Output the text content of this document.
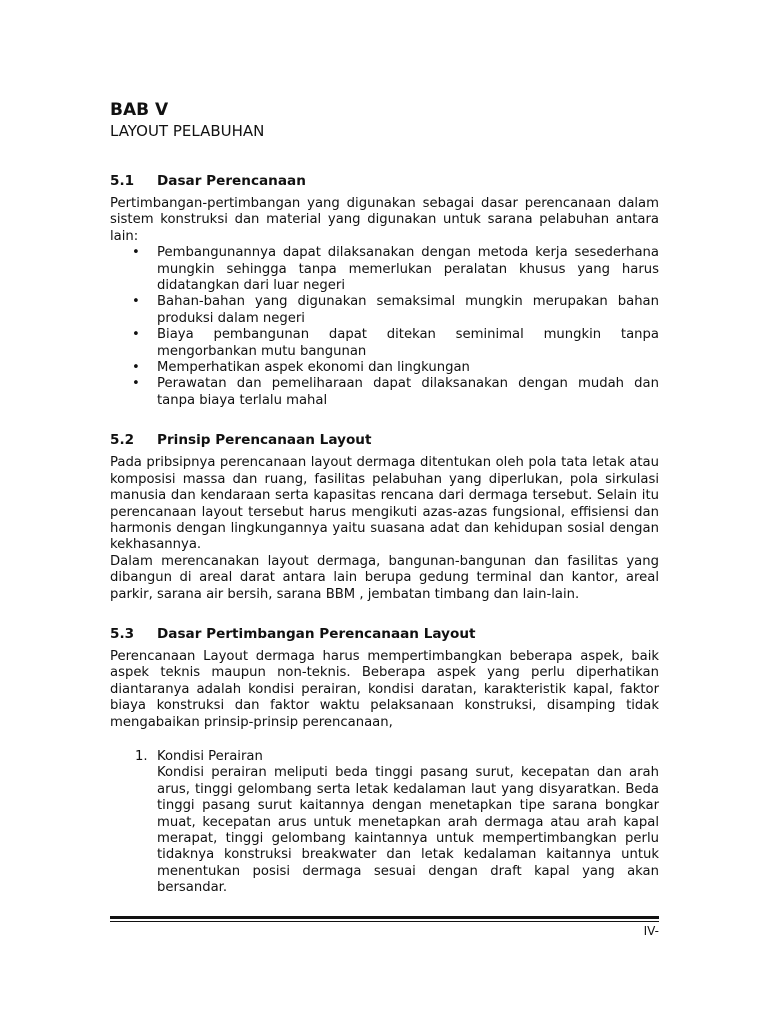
BAB V
LAYOUT PELABUHAN
5.1 Dasar Perencanaan

Pertimbangan-pertimbangan yang digunakan sebagai dasar perencanaan dalam sistem konstruksi dan material yang digunakan untuk sarana pelabuhan antara lain:

• Pembangunannya dapat dilaksanakan dengan metoda kerja sesederhana mungkin sehingga tanpa memerlukan peralatan khusus yang harus didatangkan dari luar negeri
• Bahan-bahan yang digunakan semaksimal mungkin merupakan bahan produksi dalam negeri
• Biaya pembangunan dapat ditekan seminimal mungkin tanpa mengorbankan mutu bangunan
• Memperhatikan aspek ekonomi dan lingkungan
• Perawatan dan pemeliharaan dapat dilaksanakan dengan mudah dan tanpa biaya terlalu mahal
5.2 Prinsip Perencanaan Layout

Pada pribsipnya perencanaan layout dermaga ditentukan oleh pola tata letak atau komposisi massa dan ruang, fasilitas pelabuhan yang diperlukan, pola sirkulasi manusia dan kendaraan serta kapasitas rencana dari dermaga tersebut. Selain itu perencanaan layout tersebut harus mengikuti azas-azas fungsional, effisiensi dan harmonis dengan lingkungannya yaitu suasana adat dan kehidupan sosial dengan kekhasannya.

Dalam merencanakan layout dermaga, bangunan-bangunan dan fasilitas yang dibangun di areal darat antara lain berupa gedung terminal dan kantor, areal parkir, sarana air bersih, sarana BBM , jembatan timbang dan lain-lain.

5.3 Dasar Pertimbangan Perencanaan Layout

Perencanaan Layout dermaga harus mempertimbangkan beberapa aspek, baik aspek teknis maupun non-teknis. Beberapa aspek yang perlu diperhatikan diantaranya adalah kondisi perairan, kondisi daratan, karakteristik kapal, faktor biaya konstruksi dan faktor waktu pelaksanaan konstruksi, disamping tidak mengabaikan prinsip-prinsip perencanaan,

1. Kondisi Perairan

Kondisi perairan meliputi beda tinggi pasang surut, kecepatan dan arah arus, tinggi gelombang serta letak kedalaman laut yang disyaratkan. Beda tinggi pasang surut kaitannya dengan menetapkan tipe sarana bongkar muat, kecepatan arus untuk menetapkan arah dermaga atau arah kapal merapat, tinggi gelombang kaintannya untuk mempertimbangkan perlu tidaknya konstruksi breakwater dan letak kedalaman kaitannya untuk menentukan posisi dermaga sesuai dengan draft kapal yang akan bersandar.

IV-
